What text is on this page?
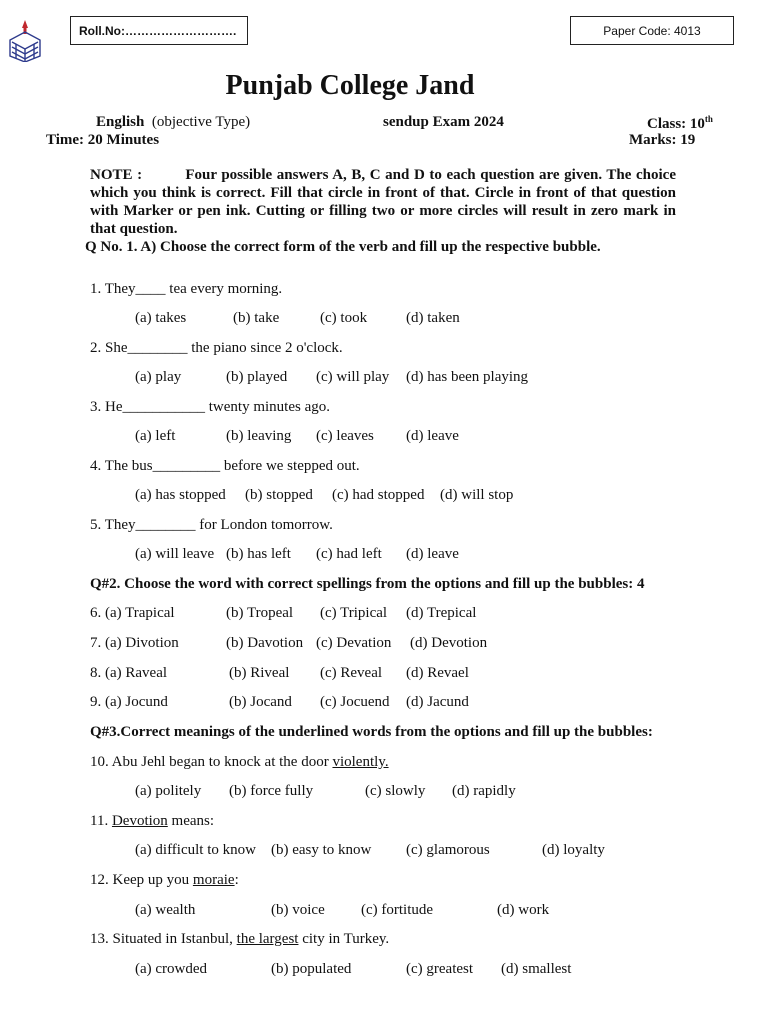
Roll.No:……………………….	Paper Code: 4013
Punjab College Jand
English (objective Type)	sendup Exam 2024	Class: 10th
Time: 20 Minutes	Marks: 19
NOTE :	Four possible answers A, B, C and D to each question are given. The choice which you think is correct. Fill that circle in front of that. Circle in front of that question with Marker or pen ink. Cutting or filling two or more circles will result in zero mark in that question.
Q No. 1. A) Choose the correct form of the verb and fill up the respective bubble.
1. They____ tea every morning.
(a) takes	(b) take	(c) took	(d) taken
2. She________ the piano since 2 o'clock.
(a) play	(b) played (c) will play (d) has been playing
3. He___________ twenty minutes ago.
(a) left	(b) leaving (c) leaves (d) leave
4. The bus_________ before we stepped out.
(a) has stopped (b) stopped (c) had stopped (d) will stop
5. They________ for London tomorrow.
(a) will leave (b) has left (c) had left (d) leave
Q#2. Choose the word with correct spellings from the options and fill up the bubbles: 4
6. (a) Trapical	(b) Tropeal (c) Tripical (d) Trepical
7. (a) Divotion	(b) Davotion (c) Devation (d) Devotion
8. (a) Raveal	(b) Riveal (c) Reveal (d) Revael
9. (a) Jocund	(b) Jocand (c) Jocuend (d) Jacund
Q#3.Correct meanings of the underlined words from the options and fill up the bubbles:
10. Abu Jehl began to knock at the door violently.
(a) politely (b) force fully	(c) slowly (d) rapidly
11. Devotion means:
(a) difficult to know (b) easy to know (c) glamorous	(d) loyalty
12. Keep up you moraie:
(a) wealth	(b) voice (c) fortitude	(d) work
13. Situated in Istanbul, the largest city in Turkey.
(a) crowded	(b) populated	(c) greatest (d) smallest
